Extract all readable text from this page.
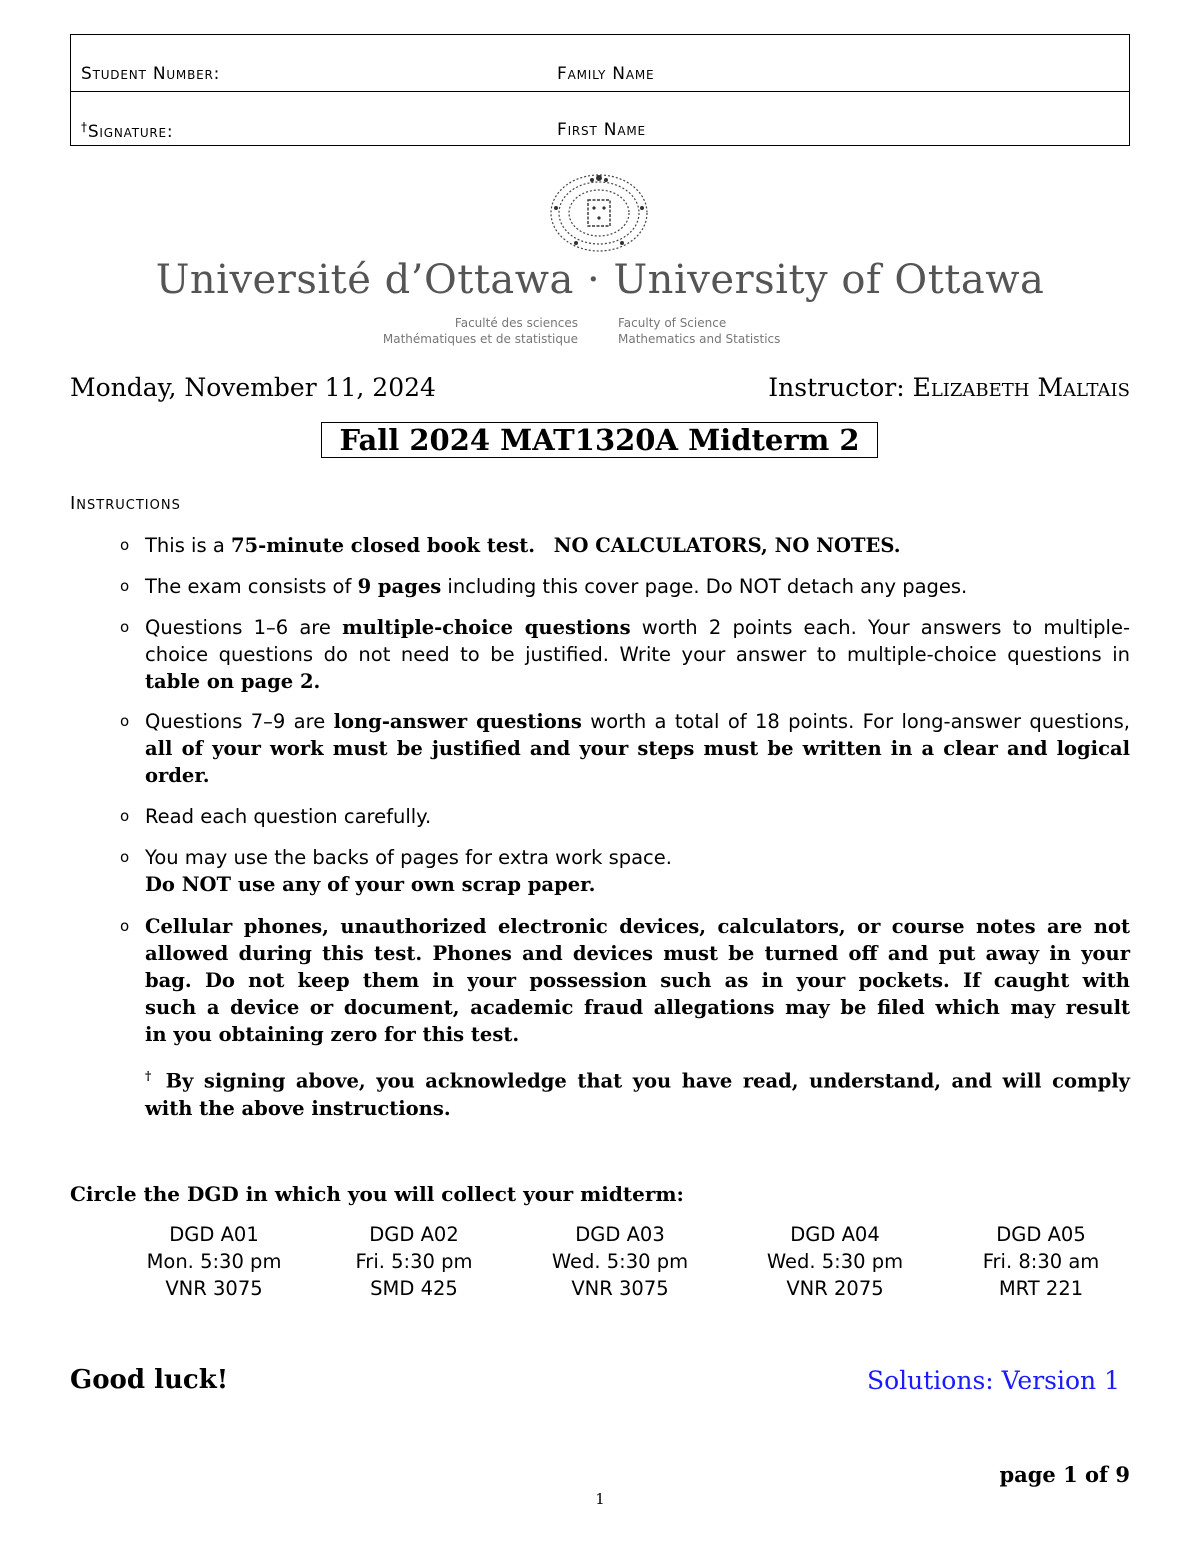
Student Number:	Family Name
†Signature:	First Name
Université d’Ottawa · University of Ottawa
Faculté des sciences
Mathématiques et de statistique
Faculty of Science
Mathematics and Statistics
Monday, November 11, 2024	Instructor: Elizabeth Maltais
Fall 2024 MAT1320A Midterm 2
Instructions
o This is a 75-minute closed book test. NO CALCULATORS, NO NOTES.
o The exam consists of 9 pages including this cover page. Do NOT detach any pages.
o Questions 1–6 are multiple-choice questions worth 2 points each. Your answers to multiple-
choice questions do not need to be justified. Write your answer to multiple-choice questions in
table on page 2.
o Questions 7–9 are long-answer questions worth a total of 18 points. For long-answer questions,
all of your work must be justified and your steps must be written in a clear and logical
order.
o Read each question carefully.
o You may use the backs of pages for extra work space.
Do NOT use any of your own scrap paper.
o Cellular phones, unauthorized electronic devices, calculators, or course notes are not
allowed during this test. Phones and devices must be turned off and put away in your
bag. Do not keep them in your possession such as in your pockets. If caught with
such a device or document, academic fraud allegations may be filed which may result
in you obtaining zero for this test.
† By signing above, you acknowledge that you have read, understand, and will comply
with the above instructions.
Circle the DGD in which you will collect your midterm:
DGD A01
Mon. 5:30 pm
VNR 3075
DGD A02
Fri. 5:30 pm
SMD 425
DGD A03
Wed. 5:30 pm
VNR 3075
DGD A04
Wed. 5:30 pm
VNR 2075
DGD A05
Fri. 8:30 am
MRT 221
Good luck!	Solutions: Version 1
page 1 of 9
1
